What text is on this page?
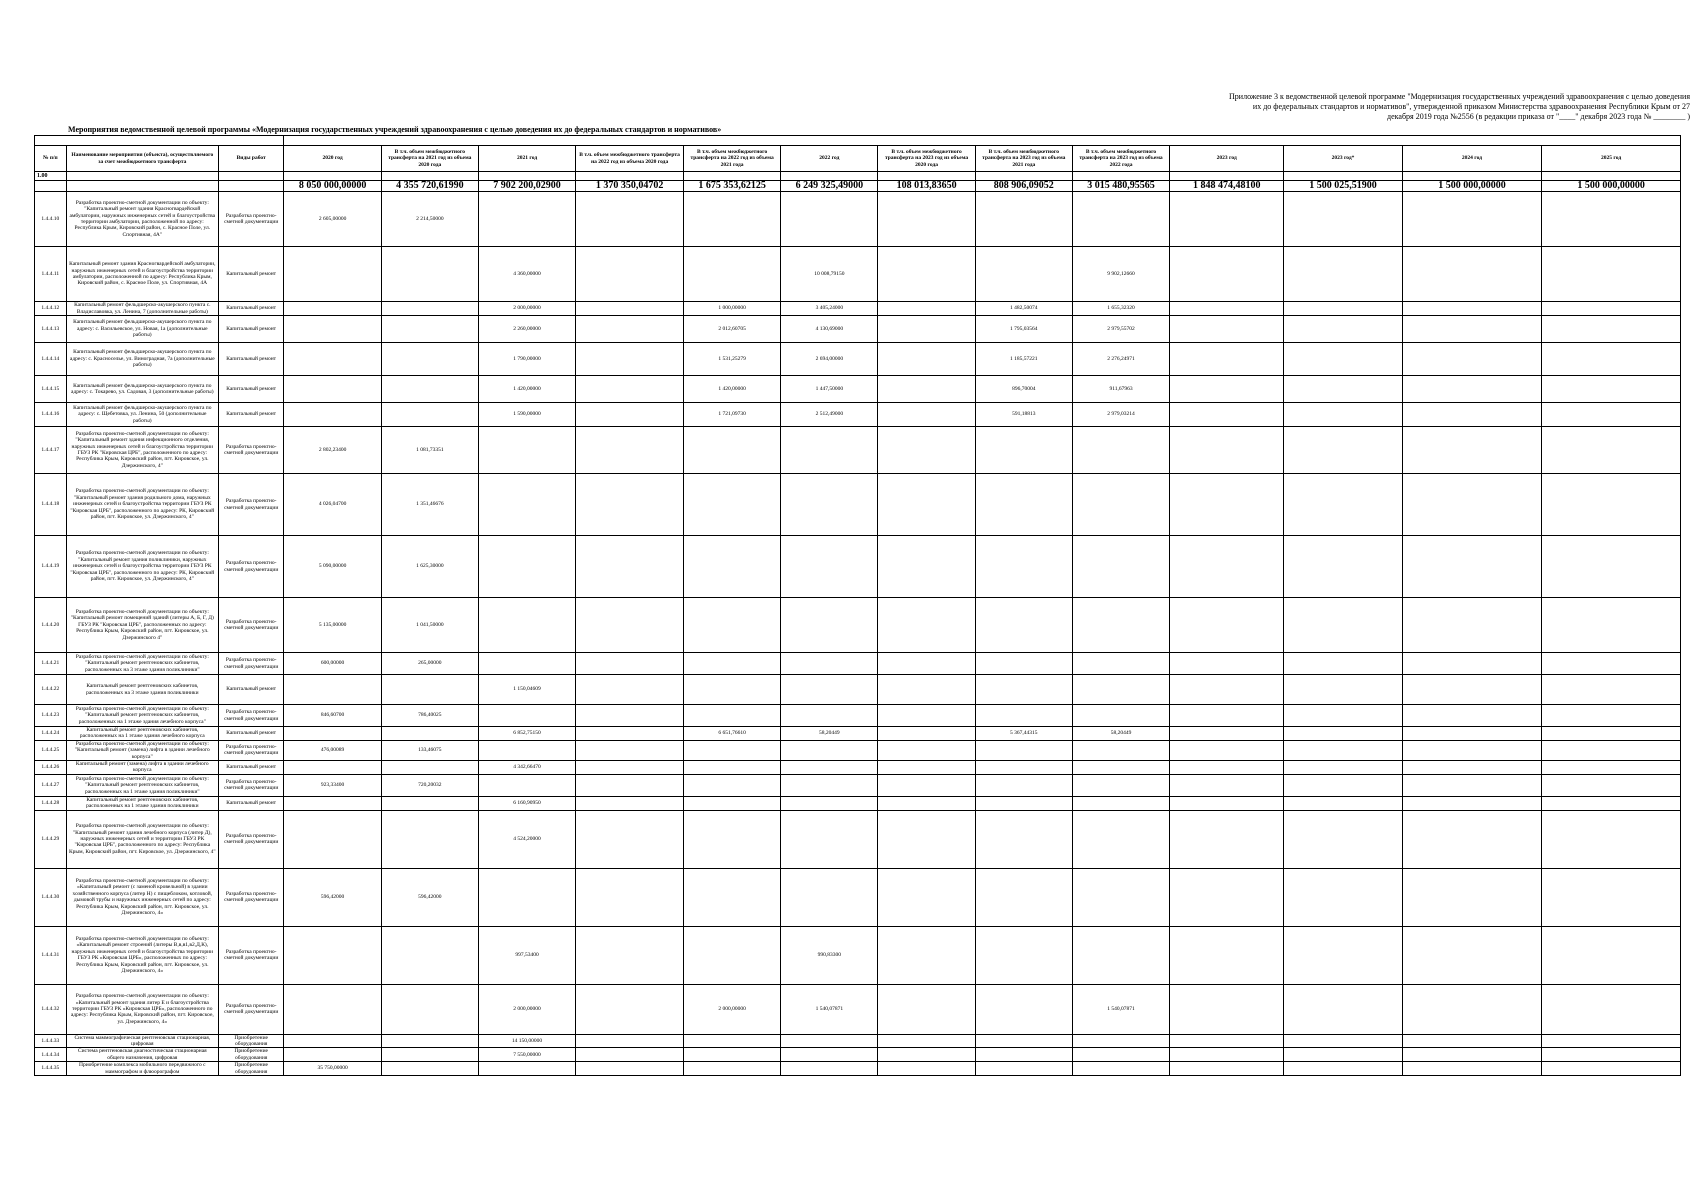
Приложение 3 к ведомственной целевой программе "Модернизация государственных учреждений здравоохранения с целью доведения
их до федеральных стандартов и нормативов", утвержденной приказом Министерства здравоохранения Республики Крым от 27
декабря 2019 года №2556 (в редакции приказа от "____" декабря 2023 года № ________ )
Мероприятия ведомственной целевой программы «Модернизация государственных учреждений здравоохранения с целью доведения их до федеральных стандартов и нормативов»

№ п/п	Наименование мероприятия (объекта), осуществляемого за счет межбюджетного трансферта	Виды работ	2020 год	В т.ч. объем межбюджетного трансферта на 2021 год из объема 2020 года	2021 год	В т.ч. объем межбюджетного трансферта на 2022 год из объема 2020 года	В т.ч. объем межбюджетного трансферта на 2022 год из объема 2021 года	2022 год	В т.ч. объем межбюджетного трансферта на 2023 год из объема 2020 года	В т.ч. объем межбюджетного трансферта на 2023 год из объема 2021 года	В т.ч. объем межбюджетного трансферта на 2023 год из объема 2022 года	2023 год	2023 год*	2024 год	2025 год
1.00															
			8 050 000,00000	4 355 720,61990	7 902 200,02900	1 370 350,04702	1 675 353,62125	6 249 325,49000	108 013,83650	808 906,09052	3 015 480,95565	1 848 474,48100	1 500 025,51900	1 500 000,00000	1 500 000,00000
1.4.4.10	Разработка проектно-сметной документации по объекту: "Капитальный ремонт здания Красногвардейской амбулатории, наружных инженерных сетей и благоустройства территории амбулатории, расположенной по адресу: Республика Крым, Кировский район, с. Красное Поле, ул. Спортивная, 4А"	Разработка проектно-сметной документации	2 605,00000	2 214,50000											
1.4.4.11	Капитальный ремонт здания Красногвардейской амбулатории, наружных инженерных сетей и благоустройства территории амбулатории, расположенной по адресу: Республика Крым, Кировский район, с. Красное Поле, ул. Спортивная, 4А	Капитальный ремонт			4 360,00000			10 008,79150			9 902,12660				
1.4.4.12	Капитальный ремонт фельдшерско-акушерского пункта с. Владиславовка, ул. Ленина, 7 (дополнительные работы)	Капитальный ремонт			2 000,00000		1 000,00000	3 405,24000		1 482,50074	1 655,32320				
1.4.4.13	Капитальный ремонт фельдшерско-акушерского пункта по адресу: с. Васильевское, ул. Новая, 1а (дополнительные работы)	Капитальный ремонт			2 260,00000		2 012,60705	4 130,69000		1 795,03564	2 979,55702				
1.4.4.14	Капитальный ремонт фельдшерско-акушерского пункта по адресу: с. Красноселье, ул. Виноградная, 7а (дополнительные работы)	Капитальный ремонт			1 790,00000		1 531,25279	2 694,00000		1 185,57221	2 276,24971				
1.4.4.15	Капитальный ремонт фельдшерско-акушерского пункта по адресу: с. Токарево, ул. Садовая, 3 (дополнительные работы)	Капитальный ремонт			1 420,00000		1 420,00000	1 447,50000		896,70004	911,67963				
1.4.4.16	Капитальный ремонт фельдшерско-акушерского пункта по адресу: с. Щебетовка, ул. Ленина, 50 (дополнительные работы)	Капитальный ремонт			1 590,00000		1 721,09730	2 512,49000		591,18813	2 979,03214				
1.4.4.17	Разработка проектно-сметной документации по объекту: "Капитальный ремонт здания инфекционного отделения, наружных инженерных сетей и благоустройства территории ГБУЗ РК "Кировская ЦРБ", расположенного по адресу: Республика Крым, Кировский район, пгт. Кировское, ул. Дзержинского, 4"	Разработка проектно-сметной документации	2 802,23400	1 081,73351											
1.4.4.18	Разработка проектно-сметной документации по объекту: "Капитальный ремонт здания родильного дома, наружных инженерных сетей и благоустройства территории ГБУЗ РК "Кировская ЦРБ", расположенного по адресу: РК, Кировский район, пгт. Кировское, ул. Дзержинского, 4"	Разработка проектно-сметной документации	4 026,04700	1 351,46676											
1.4.4.19	Разработка проектно-сметной документации по объекту: "Капитальный ремонт здания поликлиники, наружных инженерных сетей и благоустройства территории ГБУЗ РК "Кировская ЦРБ", расположенного по адресу: РК, Кировский район, пгт. Кировское, ул. Дзержинского, 4"	Разработка проектно-сметной документации	5 090,00000	1 625,30000											
1.4.4.20	Разработка проектно-сметной документации по объекту: "Капитальный ремонт помещений зданий (литеры А, Б, Г, Д) ГБУЗ РК "Кировская ЦРБ", расположенных по адресу: Республика Крым, Кировский район, пгт. Кировское, ул. Дзержинского 4"	Разработка проектно-сметной документации	5 135,00000	1 041,50000											
1.4.4.21	Разработка проектно-сметной документации по объекту: "Капитальный ремонт рентгеновских кабинетов, расположенных на 3 этаже здания поликлиники"	Разработка проектно-сметной документации	600,00000	265,00000											
1.4.4.22	Капитальный ремонт рентгеновских кабинетов, расположенных на 3 этаже здания поликлиники	Капитальный ремонт			1 150,04609										
1.4.4.23	Разработка проектно-сметной документации по объекту: "Капитальный ремонт рентгеновских кабинетов, расположенных на 1 этаже здания лечебного корпуса"	Разработка проектно-сметной документации	846,60700	786,40025											
1.4.4.24	Капитальный ремонт рентгеновских кабинетов, расположенных на 1 этаже здания лечебного корпуса	Капитальный ремонт			6 852,75150		6 651,76610	58,20449		5 367,44315	58,20449				
1.4.4.25	Разработка проектно-сметной документации по объекту: "Капитальный ремонт (замена) лифта в здании лечебного корпуса"	Разработка проектно-сметной документации	476,00089	133,46075											
1.4.4.26	Капитальный ремонт (замена) лифта в здании лечебного корпуса	Капитальный ремонт			4 342,66470										
1.4.4.27	Разработка проектно-сметной документации по объекту: "Капитальный ремонт рентгеновских кабинетов, расположенных на 1 этаже здания поликлиники"	Разработка проектно-сметной документации	923,33400	720,20032											
1.4.4.28	Капитальный ремонт рентгеновских кабинетов, расположенных на 1 этаже здания поликлиники	Капитальный ремонт			6 160,90950										
1.4.4.29	Разработка проектно-сметной документации по объекту: "Капитальный ремонт здания лечебного корпуса (литер Д), наружных инженерных сетей и территории ГБУЗ РК "Кировская ЦРБ", расположенного по адресу: Республика Крым, Кировский район, пгт. Кировское, ул. Дзержинского, 4"	Разработка проектно-сметной документации			4 524,20000										
1.4.4.30	Разработка проектно-сметной документации по объекту: «Капитальный ремонт (с заменой кровельной) в здании хозяйственного корпуса (литер Н) с пищеблоком, котловой, дымовой трубы и наружных инженерных сетей по адресу: Республика Крым, Кировский район, пгт. Кировское, ул. Дзержинского, 4»	Разработка проектно-сметной документации	596,42000	596,42000											
1.4.4.31	Разработка проектно-сметной документации по объекту: «Капитальный ремонт строений (литеры В,в,в1,в2,Д,К), наружных инженерных сетей и благоустройства территории ГБУЗ РК «Кировская ЦРБ», расположенных по адресу: Республика Крым, Кировский район, пгт. Кировское, ул. Дзержинского, 4»	Разработка проектно-сметной документации			997,53400			990,83300							
1.4.4.32	Разработка проектно-сметной документации по объекту: «Капитальный ремонт здания литер Е и благоустройства территории ГБУЗ РК «Кировская ЦРБ», расположенного по адресу: Республика Крым, Кировский район, пгт. Кировское, ул. Дзержинского, 4»	Разработка проектно-сметной документации			2 000,00000		2 000,00000	1 540,07871			1 540,07871				
1.4.4.33	Система маммографическая рентгеновская стационарная, цифровая	Приобретение оборудования			14 150,00000										
1.4.4.34	Система рентгеновская диагностическая стационарная общего назначения, цифровая	Приобретение оборудования			7 550,00000										
1.4.4.35	Приобретение комплекса мобильного передвижного с маммографом и флюорографом	Приобретение оборудования	35 750,00000												
